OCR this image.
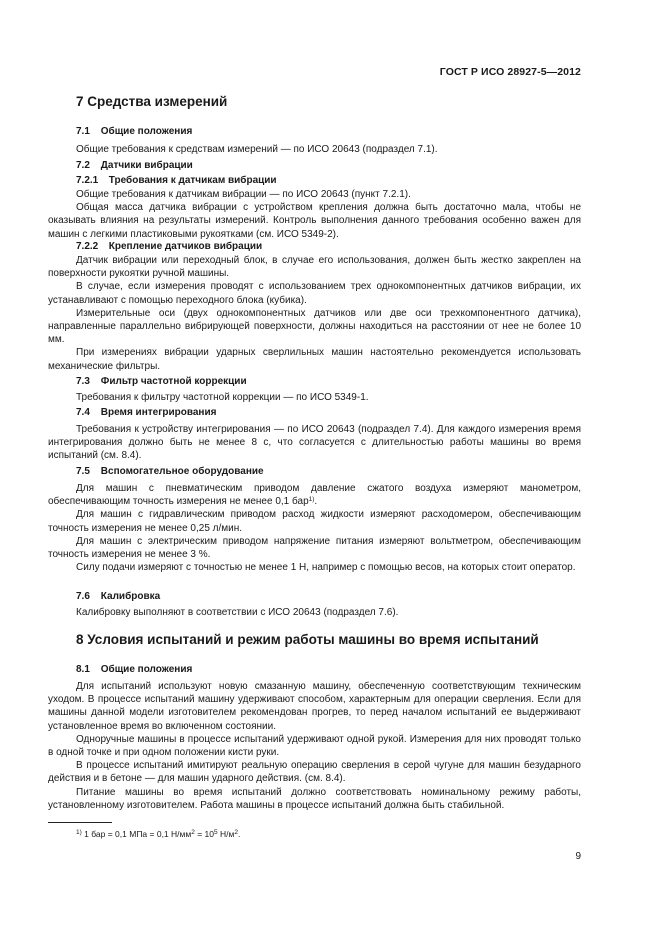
ГОСТ Р ИСО 28927-5—2012
7 Средства измерений
7.1 Общие положения

Общие требования к средствам измерений — по ИСО 20643 (подраздел 7.1).

7.2 Датчики вибрации
7.2.1 Требования к датчикам вибрации

Общие требования к датчикам вибрации — по ИСО 20643 (пункт 7.2.1).

Общая масса датчика вибрации с устройством крепления должна быть достаточно мала, чтобы не оказывать влияния на результаты измерений. Контроль выполнения данного требования особенно важен для машин с легкими пластиковыми рукоятками (см. ИСО 5349-2).

7.2.2 Крепление датчиков вибрации

Датчик вибрации или переходный блок, в случае его использования, должен быть жестко закреплен на поверхности рукоятки ручной машины.

В случае, если измерения проводят с использованием трех однокомпонентных датчиков вибрации, их устанавливают с помощью переходного блока (кубика).

Измерительные оси (двух однокомпонентных датчиков или две оси трехкомпонентного датчика), направленные параллельно вибрирующей поверхности, должны находиться на расстоянии от нее не более 10 мм.

При измерениях вибрации ударных сверлильных машин настоятельно рекомендуется использовать механические фильтры.

7.3 Фильтр частотной коррекции

Требования к фильтру частотной коррекции — по ИСО 5349-1.

7.4 Время интегрирования

Требования к устройству интегрирования — по ИСО 20643 (подраздел 7.4). Для каждого измерения время интегрирования должно быть не менее 8 с, что согласуется с длительностью работы машины во время испытаний (см. 8.4).

7.5 Вспомогательное оборудование

Для машин с пневматическим приводом давление сжатого воздуха измеряют манометром, обеспечивающим точность измерения не менее 0,1 бар$^{1)}$.

Для машин с гидравлическим приводом расход жидкости измеряют расходомером, обеспечивающим точность измерения не менее 0,25 л/мин.

Для машин с электрическим приводом напряжение питания измеряют вольтметром, обеспечивающим точность измерения не менее 3 %.

Силу подачи измеряют с точностью не менее 1 Н, например с помощью весов, на которых стоит оператор.

7.6 Калибровка

Калибровку выполняют в соответствии с ИСО 20643 (подраздел 7.6).

8 Условия испытаний и режим работы машины во время испытаний
8.1 Общие положения

Для испытаний используют новую смазанную машину, обеспеченную соответствующим техническим уходом. В процессе испытаний машину удерживают способом, характерным для операции сверления. Если для машины данной модели изготовителем рекомендован прогрев, то перед началом испытаний ее выдерживают установленное время во включенном состоянии.

Одноручные машины в процессе испытаний удерживают одной рукой. Измерения для них проводят только в одной точке и при одном положении кисти руки.

В процессе испытаний имитируют реальную операцию сверления в серой чугуне для машин безударного действия и в бетоне — для машин ударного действия. (см. 8.4).

Питание машины во время испытаний должно соответствовать номинальному режиму работы, установленному изготовителем. Работа машины в процессе испытаний должна быть стабильной.

$^{1)}$ 1 бар = 0,1 МПа = 0,1 $Н/мм^2 = 10^5$ $Н/м^2$.
9
